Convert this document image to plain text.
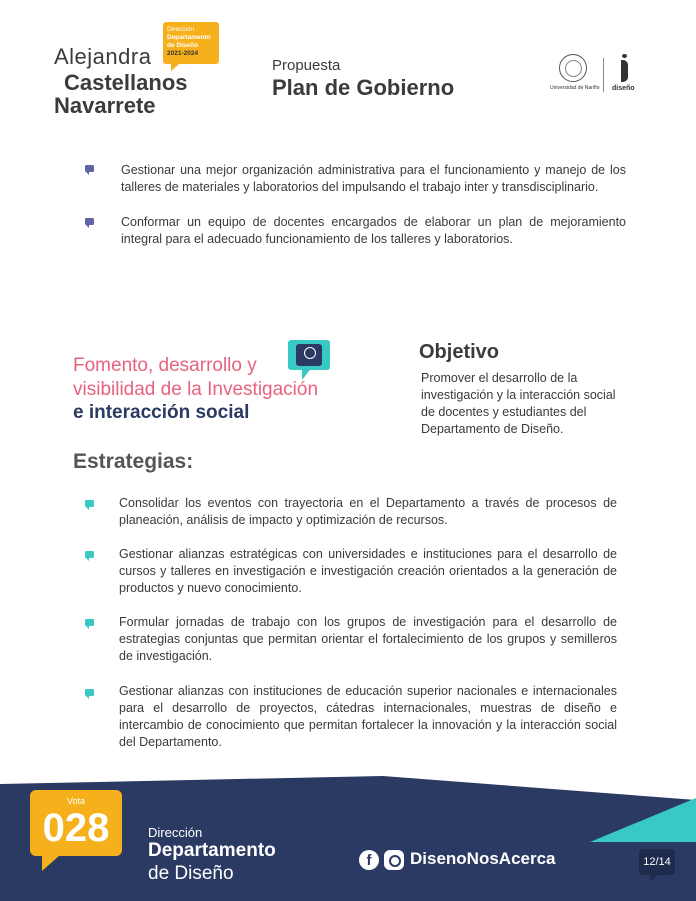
Alejandra
Castellanos
Navarrete
Dirección
Departamento de Diseño
2021-2024
Propuesta
Plan de Gobierno	Universidad de Nariño diseño
Gestionar una mejor organización administrativa para el funcionamiento y manejo de los talleres de materiales y laboratorios del impulsando el trabajo inter y transdisciplinario.
Conformar un equipo de docentes encargados de elaborar un plan de mejoramiento integral para el adecuado funcionamiento de los talleres y laboratorios.
Fomento, desarrollo y
visibilidad de la Investigación
e interacción social
Objetivo
Promover el desarrollo de la investigación y la interacción social de docentes y estudiantes del Departamento de Diseño.
Estrategias:
Consolidar los eventos con trayectoria en el Departamento a través de procesos de planeación, análisis de impacto y optimización de recursos.
Gestionar alianzas estratégicas con universidades e instituciones para el desarrollo de cursos y talleres en investigación e investigación creación orientados a la generación de productos y nuevo conocimiento.
Formular jornadas de trabajo con los grupos de investigación para el desarrollo de estrategias conjuntas que permitan orientar el fortalecimiento de los grupos y semilleros de investigación.
Gestionar alianzas con instituciones de educación superior nacionales e internacionales para el desarrollo de proyectos, cátedras internacionales, muestras de diseño e intercambio de conocimiento que permitan fortalecer la innovación y la interacción social del Departamento.
Vota
028	Dirección
Departamento
de Diseño
f	DisenoNosAcerca	12/14
